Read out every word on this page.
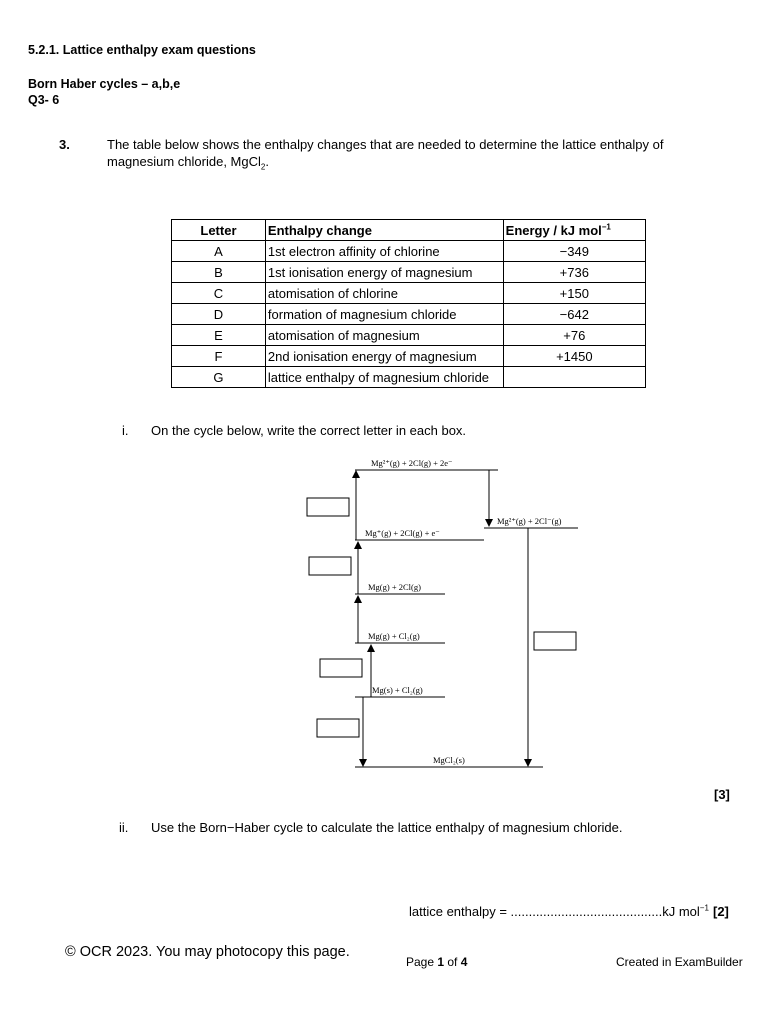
5.2.1. Lattice enthalpy exam questions
Born Haber cycles – a,b,e
Q3- 6
3.	The table below shows the enthalpy changes that are needed to determine the lattice enthalpy of
magnesium chloride, MgCl$_2$.
Letter	Enthalpy change	Energy / kJ mol$^{-1}$
A	1st electron affinity of chlorine	−349
B	1st ionisation energy of magnesium	+736
C	atomisation of chlorine	+150
D	formation of magnesium chloride	−642
E	atomisation of magnesium	+76
F	2nd ionisation energy of magnesium	+1450
G	lattice enthalpy of magnesium chloride	
i. On the cycle below, write the correct letter in each box.
Mg²⁺(g) + 2Cl(g) + 2e⁻
Mg⁺(g) + 2Cl(g) + e⁻
Mg²⁺(g) + 2Cl⁻(g)
Mg(g) + 2Cl(g)
Mg(g) + Cl₂(g)
Mg(s) + Cl₂(g)
MgCl₂(s)
[3]
ii. Use the Born−Haber cycle to calculate the lattice enthalpy of magnesium chloride.
lattice enthalpy = ..........................................kJ mol$^{-1}$ [2]
© OCR 2023. You may photocopy this page.
Page 1 of 4	Created in ExamBuilder
